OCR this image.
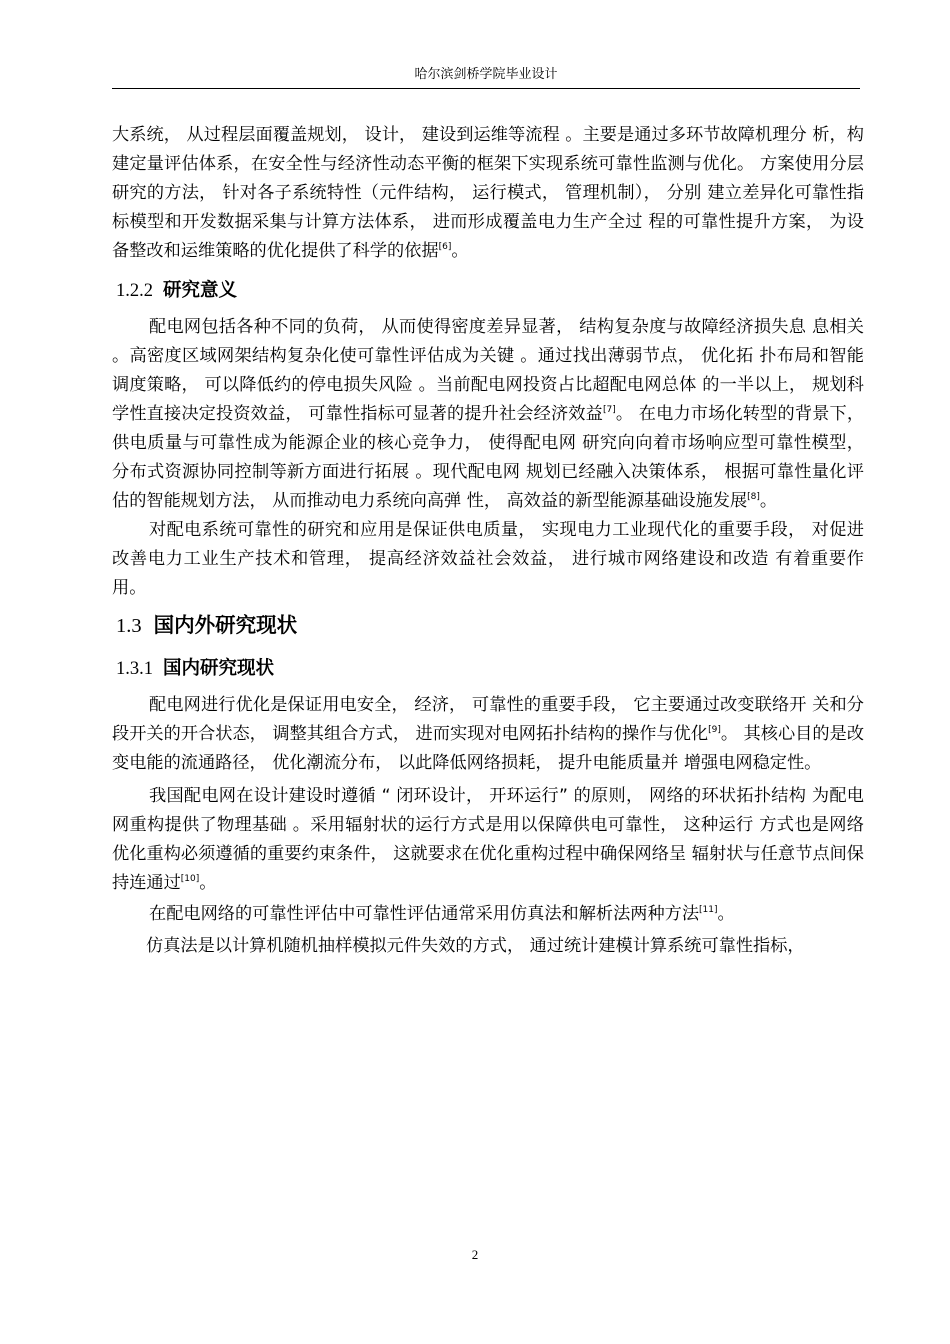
哈尔滨剑桥学院毕业设计

大系统， 从过程层面覆盖规划， 设计， 建设到运维等流程 。主要是通过多环节故障机理分 析，构建定量评估体系，在安全性与经济性动态平衡的框架下实现系统可靠性监测与优化。 方案使用分层研究的方法， 针对各子系统特性（元件结构， 运行模式， 管理机制）， 分别 建立差异化可靠性指标模型和开发数据采集与计算方法体系， 进而形成覆盖电力生产全过 程的可靠性提升方案， 为设备整改和运维策略的优化提供了科学的依据[6]。

1.2.2 研究意义

配电网包括各种不同的负荷， 从而使得密度差异显著， 结构复杂度与故障经济损失息 息相关 。高密度区域网架结构复杂化使可靠性评估成为关键 。通过找出薄弱节点， 优化拓 扑布局和智能调度策略， 可以降低约的停电损失风险 。当前配电网投资占比超配电网总体 的一半以上， 规划科学性直接决定投资效益， 可靠性指标可显著的提升社会经济效益[7]。 在电力市场化转型的背景下， 供电质量与可靠性成为能源企业的核心竞争力， 使得配电网 研究向向着市场响应型可靠性模型， 分布式资源协同控制等新方面进行拓展 。现代配电网 规划已经融入决策体系， 根据可靠性量化评估的智能规划方法， 从而推动电力系统向高弹 性， 高效益的新型能源基础设施发展[8]。

对配电系统可靠性的研究和应用是保证供电质量， 实现电力工业现代化的重要手段， 对促进改善电力工业生产技术和管理， 提高经济效益社会效益， 进行城市网络建设和改造 有着重要作用。

1.3 国内外研究现状
1.3.1 国内研究现状

配电网进行优化是保证用电安全， 经济， 可靠性的重要手段， 它主要通过改变联络开 关和分段开关的开合状态， 调整其组合方式， 进而实现对电网拓扑结构的操作与优化[9]。 其核心目的是改变电能的流通路径， 优化潮流分布， 以此降低网络损耗， 提升电能质量并 增强电网稳定性。

我国配电网在设计建设时遵循 “ 闭环设计， 开环运行” 的原则， 网络的环状拓扑结构 为配电网重构提供了物理基础 。采用辐射状的运行方式是用以保障供电可靠性， 这种运行 方式也是网络优化重构必须遵循的重要约束条件， 这就要求在优化重构过程中确保网络呈 辐射状与任意节点间保持连通过[10]。

在配电网络的可靠性评估中可靠性评估通常采用仿真法和解析法两种方法[11]。

仿真法是以计算机随机抽样模拟元件失效的方式， 通过统计建模计算系统可靠性指标，

2
